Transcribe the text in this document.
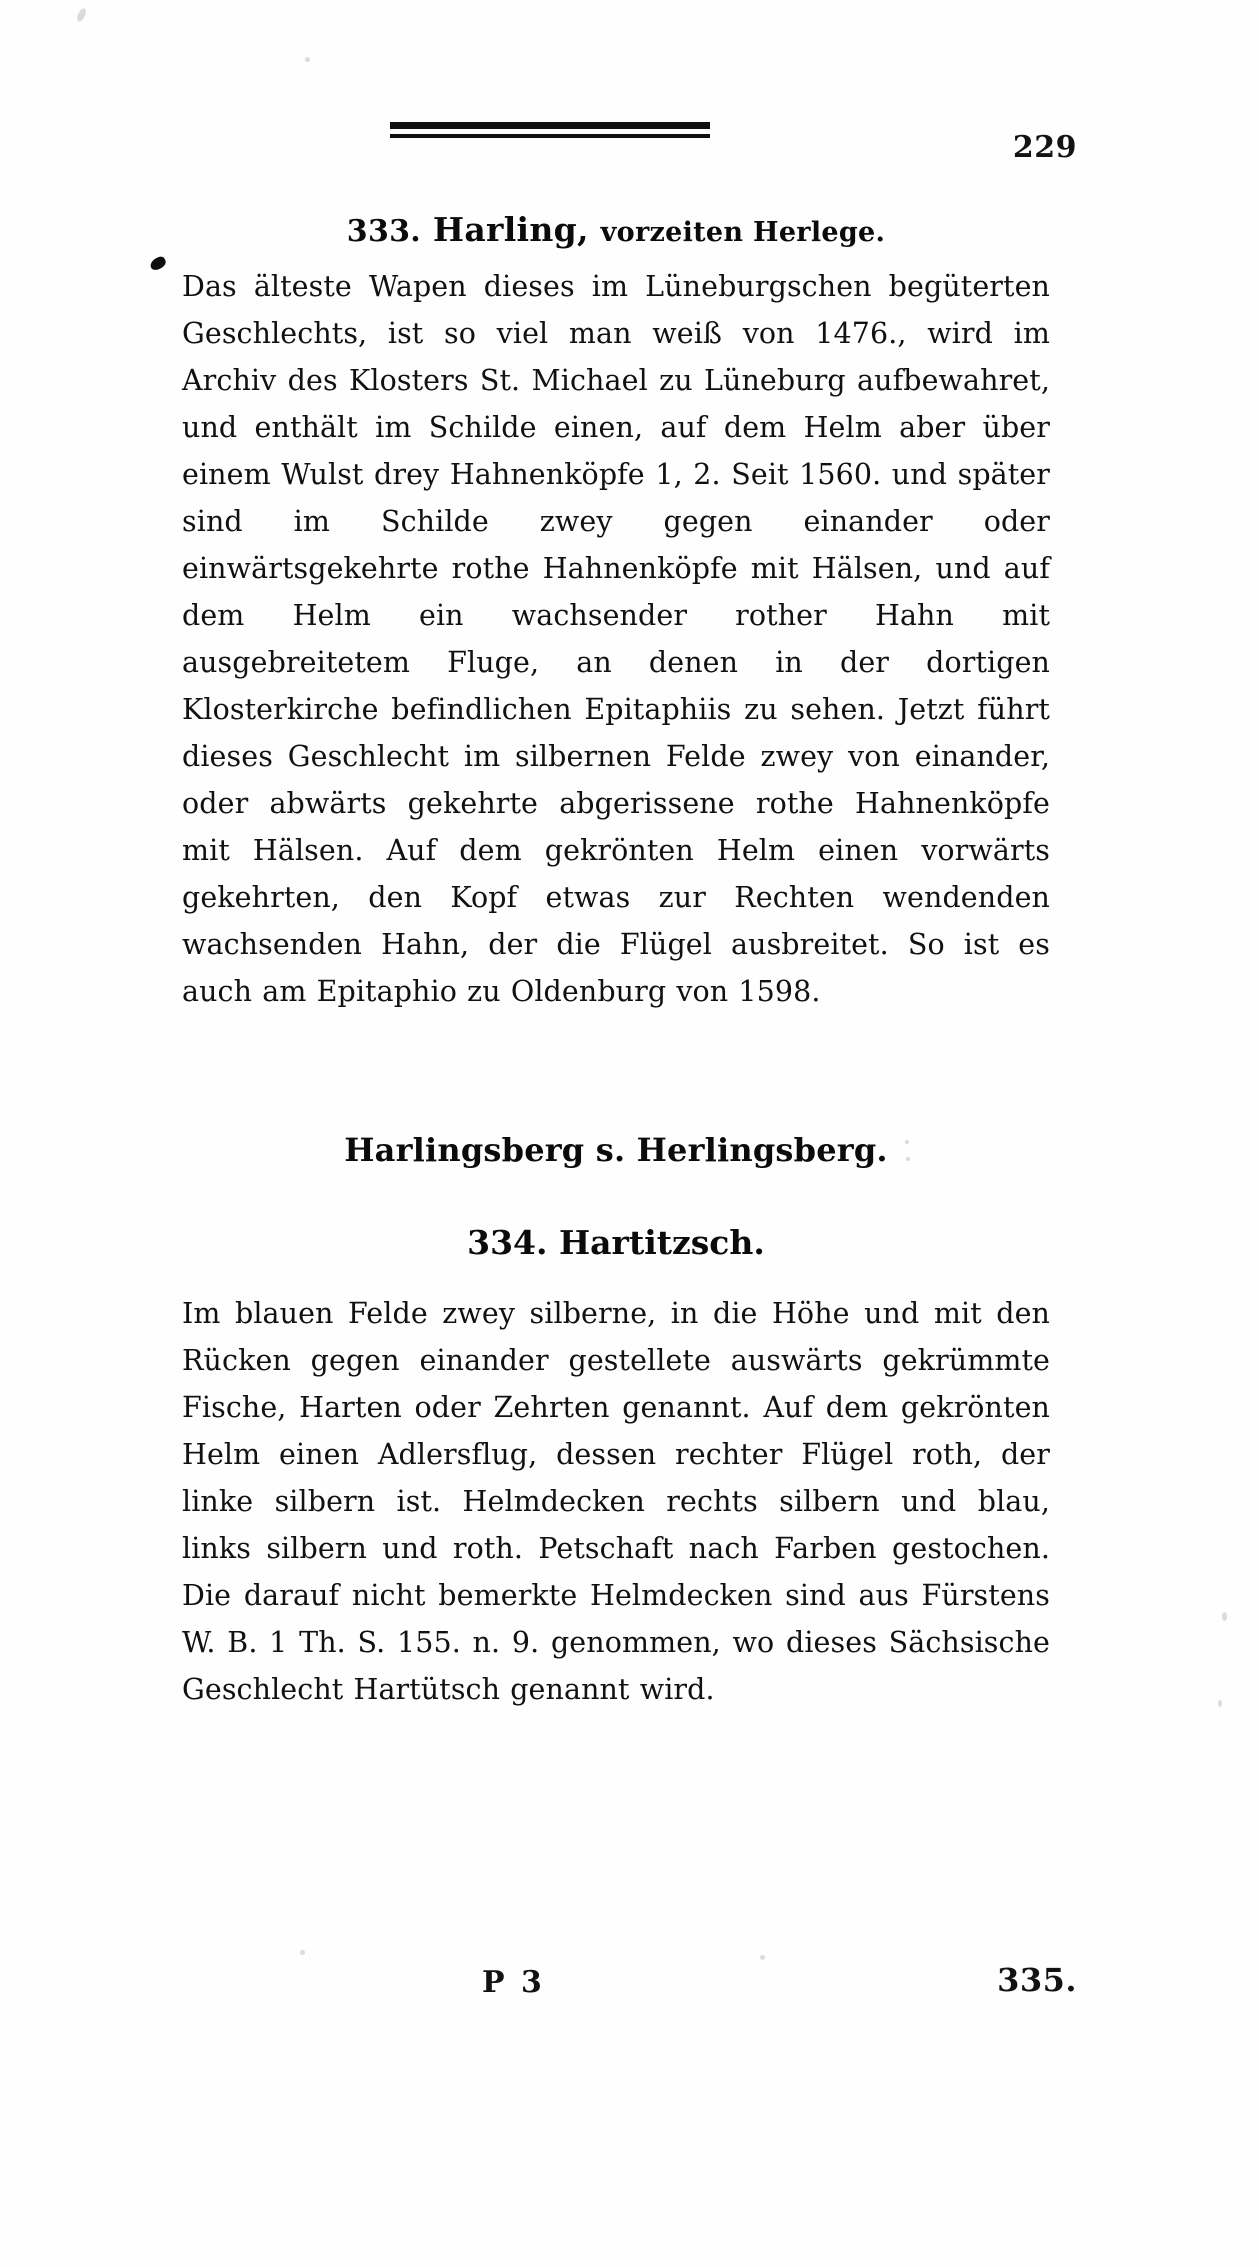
229
333. Harling, vorzeiten Herlege.

Das älteste Wapen dieses im Lüneburgschen begüterten Geschlechts, ist so viel man weiß von 1476., wird im Archiv des Klosters St. Michael zu Lüneburg aufbewahret, und enthält im Schilde einen, auf dem Helm aber über einem Wulst drey Hahnenköpfe 1, 2. Seit 1560. und später sind im Schilde zwey gegen einander oder einwärtsgekehrte rothe Hahnenköpfe mit Hälsen, und auf dem Helm ein wachsender rother Hahn mit ausgebreitetem Fluge, an denen in der dortigen Klosterkirche befindlichen Epitaphiis zu sehen. Jetzt führt dieses Geschlecht im silbernen Felde zwey von einander, oder abwärts gekehrte abgerissene rothe Hahnenköpfe mit Hälsen. Auf dem gekrönten Helm einen vorwärts gekehrten, den Kopf etwas zur Rechten wendenden wachsenden Hahn, der die Flügel ausbreitet. So ist es auch am Epitaphio zu Oldenburg von 1598.

Harlingsberg s. Herlingsberg.
334. Hartitzsch.

Im blauen Felde zwey silberne, in die Höhe und mit den Rücken gegen einander gestellete auswärts gekrümmte Fische, Harten oder Zehrten genannt. Auf dem gekrönten Helm einen Adlersflug, dessen rechter Flügel roth, der linke silbern ist. Helmdecken rechts silbern und blau, links silbern und roth. Petschaft nach Farben gestochen. Die darauf nicht bemerkte Helmdecken sind aus Fürstens W. B. 1 Th. S. 155. n. 9. genommen, wo dieses Sächsische Geschlecht Hartütsch genannt wird.

P 3	335.
